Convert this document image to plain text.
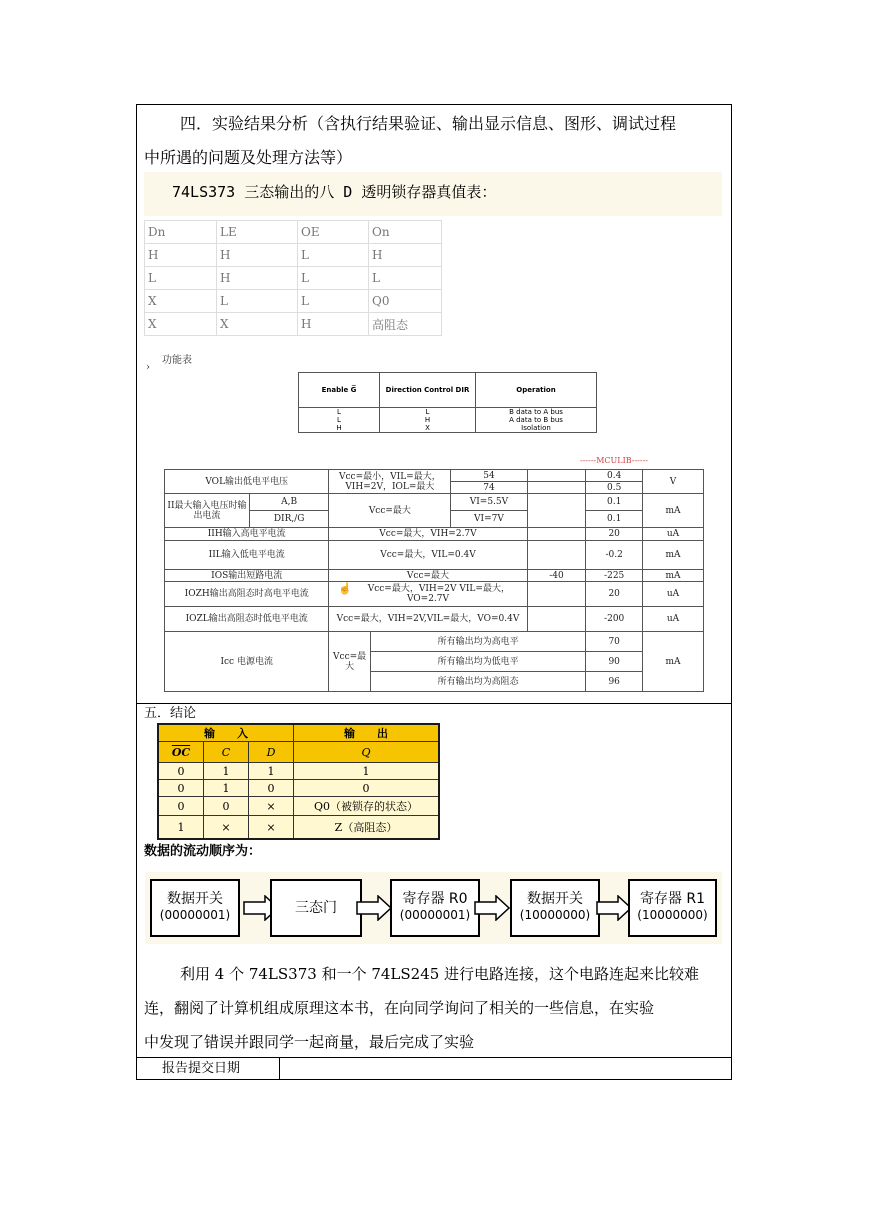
四．实验结果分析（含执行结果验证、输出显示信息、图形、调试过程
中所遇的问题及处理方法等）
74LS373 三态输出的八 D 透明锁存器真值表：
Dn	LE	OE	On
H	H	L	H
L	H	L	L
X	L	L	Q0
X	X	H	高阻态
›
功能表
Enable G̅	Direction Control DIR	Operation
L	L	B data to A bus
L	H	A data to B bus
H	X	Isolation
------MCULIB------
VOL输出低电平电压		Vcc=最小，VIL=最大，VIH=2V，IOL=最大		54		0.4	V
				74		0.5	
II最大输入电压时输出电流	A,B	Vcc=最大		VI=5.5V		0.1	mA
	DIR,/G			VI=7V		0.1	
IIH输入高电平电流		Vcc=最大，VIH=2.7V				20	uA
IIL输入低电平电流		Vcc=最大，VIL=0.4V				-0.2	mA
IOS输出短路电流		Vcc=最大			-40	-225	mA
IOZH输出高阻态时高电平电流		☝ Vcc=最大，VIH=2V VIL=最大，VO=2.7V				20	uA
IOZL输出高阻态时低电平电流		Vcc=最大，VIH=2V,VIL=最大，VO=0.4V				-200	uA
Icc 电源电流		Vcc=最大	所有输出均为高电平			70	mA
			所有输出均为低电平			90	
			所有输出均为高阻态			96	
五．结论
输　　入			输　　出
$\overline{OC}$	C	D	Q
0	1	1	1
0	1	0	0
0	0	×	Q0（被锁存的状态）
1	×	×	Z（高阻态）
数据的流动顺序为：
数据开关
(00000001)	三态门
寄存器 R0
(00000001)
数据开关
(10000000)
寄存器 R1
(10000000)
利用 4 个 74LS373 和一个 74LS245 进行电路连接，这个电路连起来比较难
连，翻阅了计算机组成原理这本书，在向同学询问了相关的一些信息，在实验
中发现了错误并跟同学一起商量，最后完成了实验
报告提交日期
